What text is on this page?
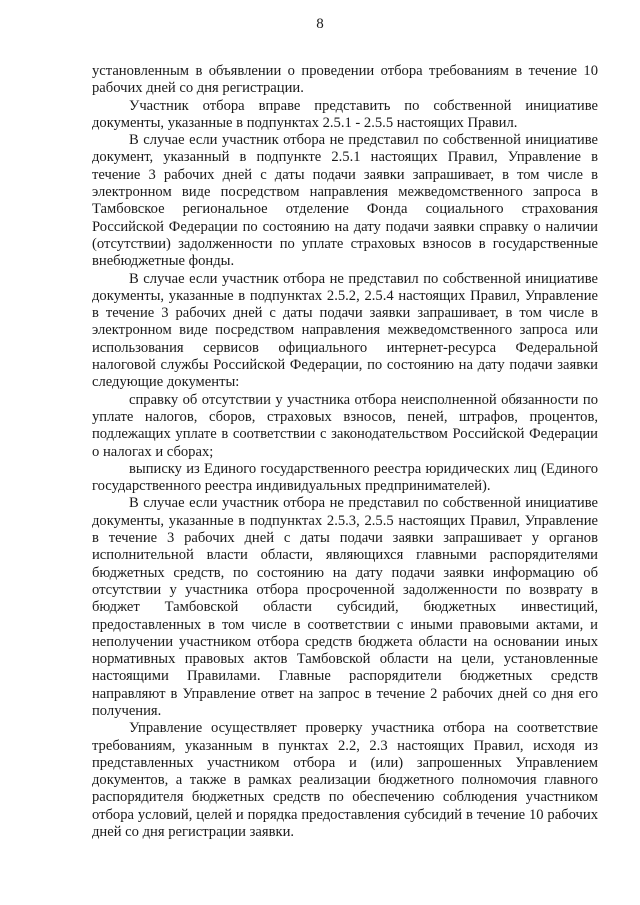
8

установленным в объявлении о проведении отбора требованиям в течение 10 рабочих дней со дня регистрации.

Участник отбора вправе представить по собственной инициативе документы, указанные в подпунктах 2.5.1 - 2.5.5 настоящих Правил.

В случае если участник отбора не представил по собственной инициативе документ, указанный в подпункте 2.5.1 настоящих Правил, Управление в течение 3 рабочих дней с даты подачи заявки запрашивает, в том числе в электронном виде посредством направления межведомственного запроса в Тамбовское региональное отделение Фонда социального страхования Российской Федерации по состоянию на дату подачи заявки справку о наличии (отсутствии) задолженности по уплате страховых взносов в государственные внебюджетные фонды.

В случае если участник отбора не представил по собственной инициативе документы, указанные в подпунктах 2.5.2, 2.5.4 настоящих Правил, Управление в течение 3 рабочих дней с даты подачи заявки запрашивает, в том числе в электронном виде посредством направления межведомственного запроса или использования сервисов официального интернет-ресурса Федеральной налоговой службы Российской Федерации, по состоянию на дату подачи заявки следующие документы:

справку об отсутствии у участника отбора неисполненной обязанности по уплате налогов, сборов, страховых взносов, пеней, штрафов, процентов, подлежащих уплате в соответствии с законодательством Российской Федерации о налогах и сборах;

выписку из Единого государственного реестра юридических лиц (Единого государственного реестра индивидуальных предпринимателей).

В случае если участник отбора не представил по собственной инициативе документы, указанные в подпунктах 2.5.3, 2.5.5 настоящих Правил, Управление в течение 3 рабочих дней с даты подачи заявки запрашивает у органов исполнительной власти области, являющихся главными распорядителями бюджетных средств, по состоянию на дату подачи заявки информацию об отсутствии у участника отбора просроченной задолженности по возврату в бюджет Тамбовской области субсидий, бюджетных инвестиций, предоставленных в том числе в соответствии с иными правовыми актами, и неполучении участником отбора средств бюджета области на основании иных нормативных правовых актов Тамбовской области на цели, установленные настоящими Правилами. Главные распорядители бюджетных средств направляют в Управление ответ на запрос в течение 2 рабочих дней со дня его получения.

Управление осуществляет проверку участника отбора на соответствие требованиям, указанным в пунктах 2.2, 2.3 настоящих Правил, исходя из представленных участником отбора и (или) запрошенных Управлением документов, а также в рамках реализации бюджетного полномочия главного распорядителя бюджетных средств по обеспечению соблюдения участником отбора условий, целей и порядка предоставления субсидий в течение 10 рабочих дней со дня регистрации заявки.
